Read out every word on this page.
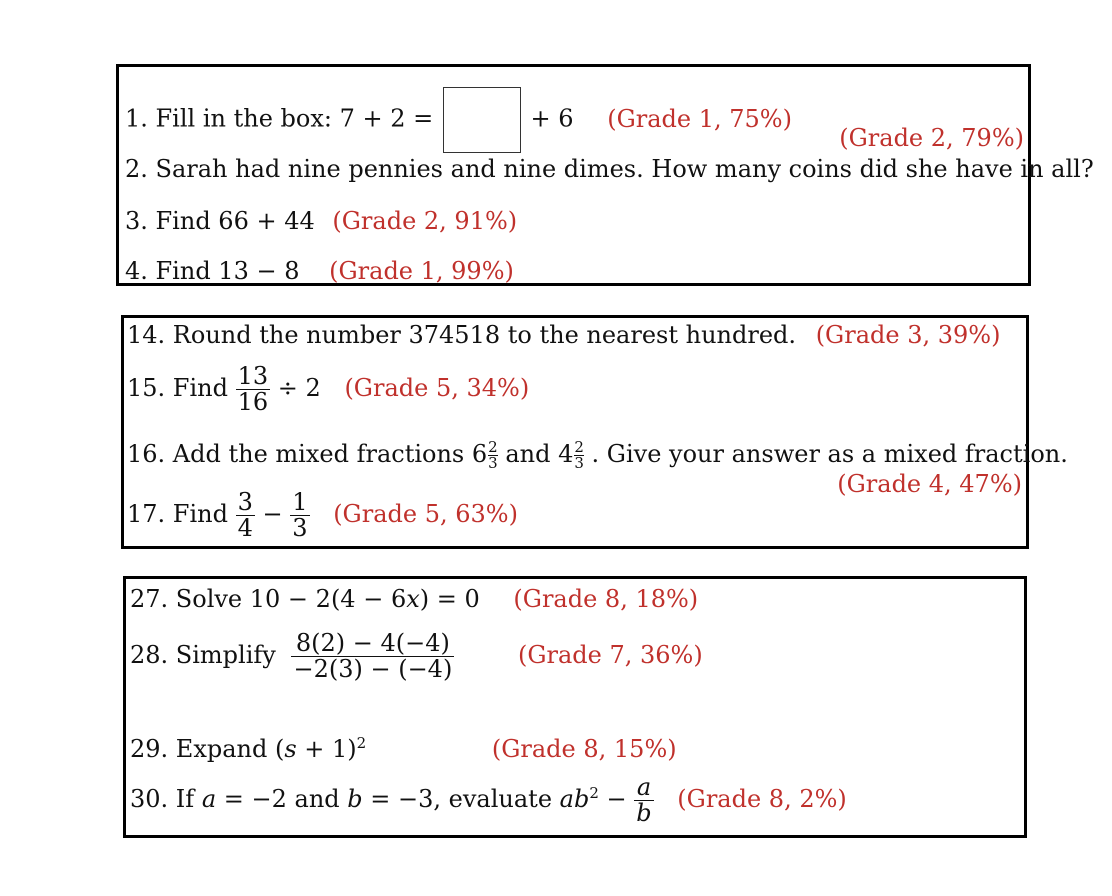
1. Fill in the box: 7 + 2 =	+ 6 (Grade 1, 75%)
(Grade 2, 79%)
2. Sarah had nine pennies and nine dimes. How many coins did she have in all?
3. Find 66 + 44 (Grade 2, 91%)
4. Find 13 − 8 (Grade 1, 99%)
14. Round the number 374518 to the nearest hundred. (Grade 3, 39%)
15. Find $\frac{13}{16} \div 2$ (Grade 5, 34%)
16. Add the mixed fractions $6 \frac{2}{3}$ and $4 \frac{2}{3}$ . Give your answer as a mixed fraction.
(Grade 4, 47%)
17. Find $\frac{3}{4} - \frac{1}{3}$ (Grade 5, 63%)
27. Solve 10 − 2(4 − 6x) = 0 (Grade 8, 18%)
28. Simplify $\frac{8(2) - 4(-4)}{-2(3) - (-4)}$	(Grade 7, 36%)
29. Expand $(s + 1)^2$	(Grade 8, 15%)
30. If a = −2 and b = −3, evaluate $ab^2 - \frac{a}{b}$ (Grade 8, 2%)
